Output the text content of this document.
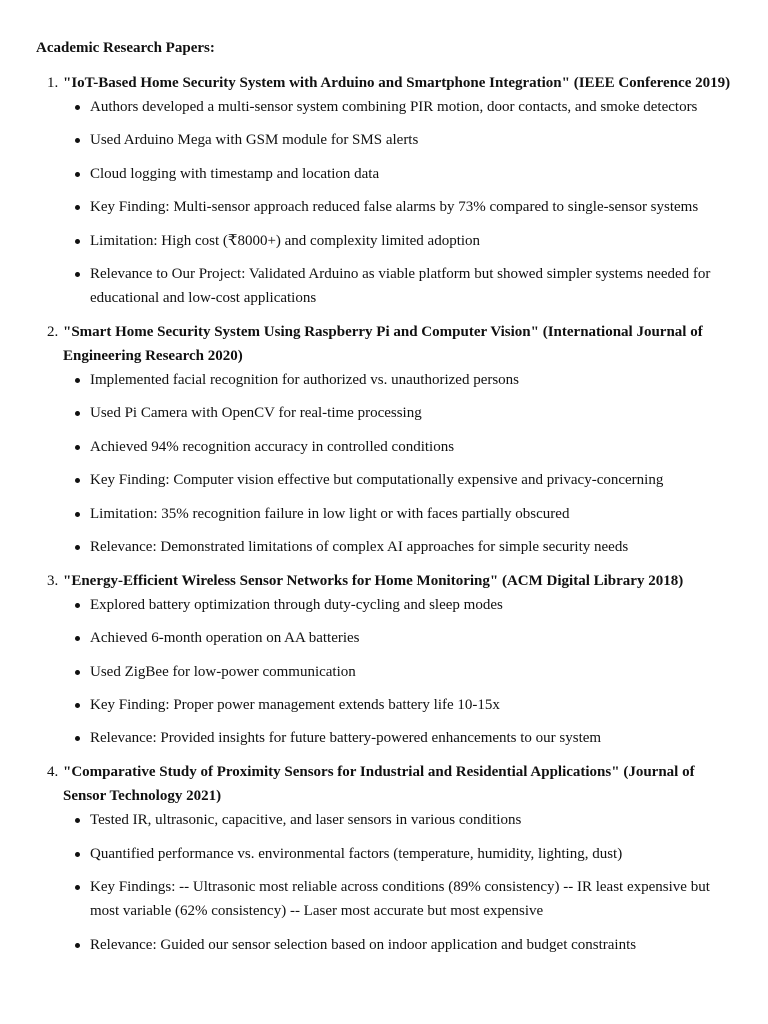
Academic Research Papers:
1. "IoT-Based Home Security System with Arduino and Smartphone Integration" (IEEE Conference 2019)
Authors developed a multi-sensor system combining PIR motion, door contacts, and smoke detectors
Used Arduino Mega with GSM module for SMS alerts
Cloud logging with timestamp and location data
Key Finding: Multi-sensor approach reduced false alarms by 73% compared to single-sensor systems
Limitation: High cost (₹8000+) and complexity limited adoption
Relevance to Our Project: Validated Arduino as viable platform but showed simpler systems needed for educational and low-cost applications
2. "Smart Home Security System Using Raspberry Pi and Computer Vision" (International Journal of Engineering Research 2020)
Implemented facial recognition for authorized vs. unauthorized persons
Used Pi Camera with OpenCV for real-time processing
Achieved 94% recognition accuracy in controlled conditions
Key Finding: Computer vision effective but computationally expensive and privacy-concerning
Limitation: 35% recognition failure in low light or with faces partially obscured
Relevance: Demonstrated limitations of complex AI approaches for simple security needs
3. "Energy-Efficient Wireless Sensor Networks for Home Monitoring" (ACM Digital Library 2018)
Explored battery optimization through duty-cycling and sleep modes
Achieved 6-month operation on AA batteries
Used ZigBee for low-power communication
Key Finding: Proper power management extends battery life 10-15x
Relevance: Provided insights for future battery-powered enhancements to our system
4. "Comparative Study of Proximity Sensors for Industrial and Residential Applications" (Journal of Sensor Technology 2021)
Tested IR, ultrasonic, capacitive, and laser sensors in various conditions
Quantified performance vs. environmental factors (temperature, humidity, lighting, dust)
Key Findings: -- Ultrasonic most reliable across conditions (89% consistency) -- IR least expensive but most variable (62% consistency) -- Laser most accurate but most expensive
Relevance: Guided our sensor selection based on indoor application and budget constraints
